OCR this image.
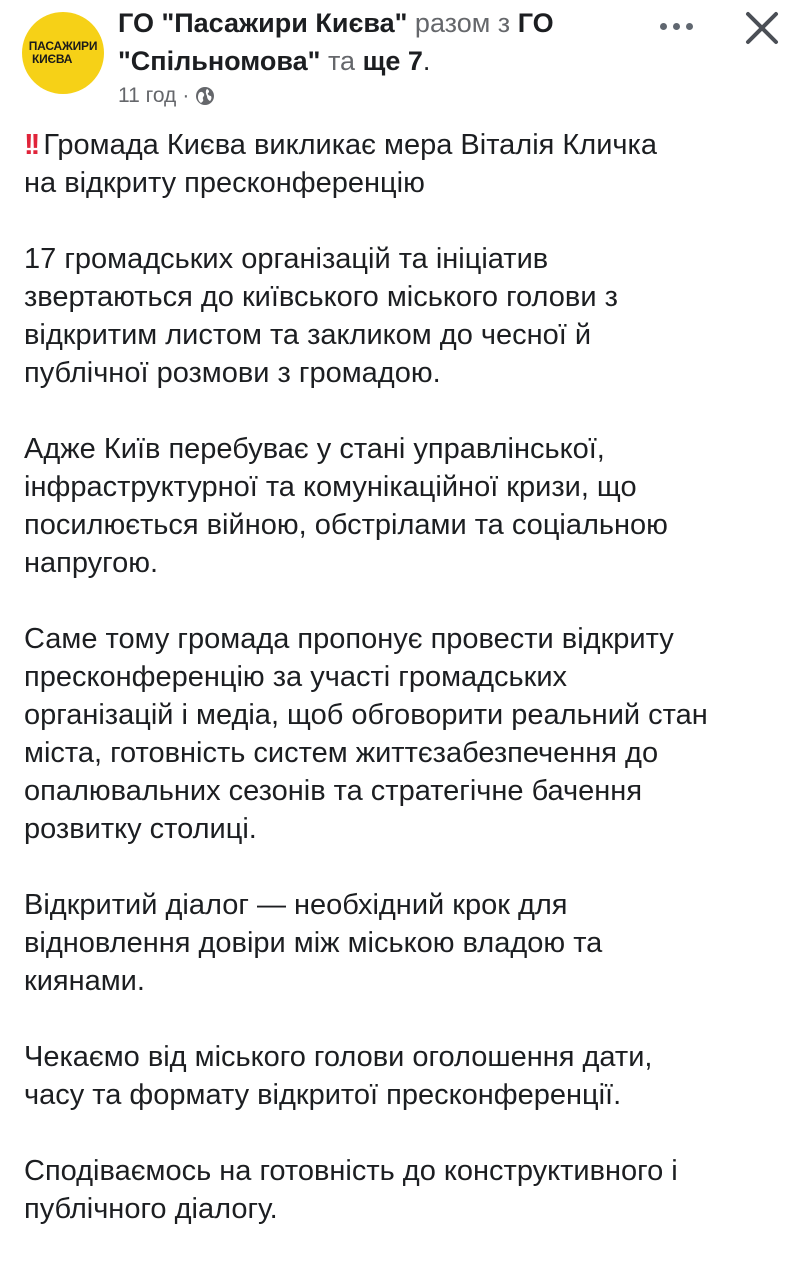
ПАСАЖИРИ
КИЄВА
ГО "Пасажири Києва" разом з ГО "Спільномова" та ще 7.
11 год ·

!! Громада Києва викликає мера Віталія Кличка
на відкриту пресконференцію

17 громадських організацій та ініціатив
звертаються до київського міського голови з
відкритим листом та закликом до чесної й
публічної розмови з громадою.

Адже Київ перебуває у стані управлінської,
інфраструктурної та комунікаційної кризи, що
посилюється війною, обстрілами та соціальною
напругою.

Саме тому громада пропонує провести відкриту
пресконференцію за участі громадських
організацій і медіа, щоб обговорити реальний стан
міста, готовність систем життєзабезпечення до
опалювальних сезонів та стратегічне бачення
розвитку столиці.

Відкритий діалог — необхідний крок для
відновлення довіри між міською владою та
киянами.

Чекаємо від міського голови оголошення дати,
часу та формату відкритої пресконференції.

Сподіваємось на готовність до конструктивного і
публічного діалогу.
